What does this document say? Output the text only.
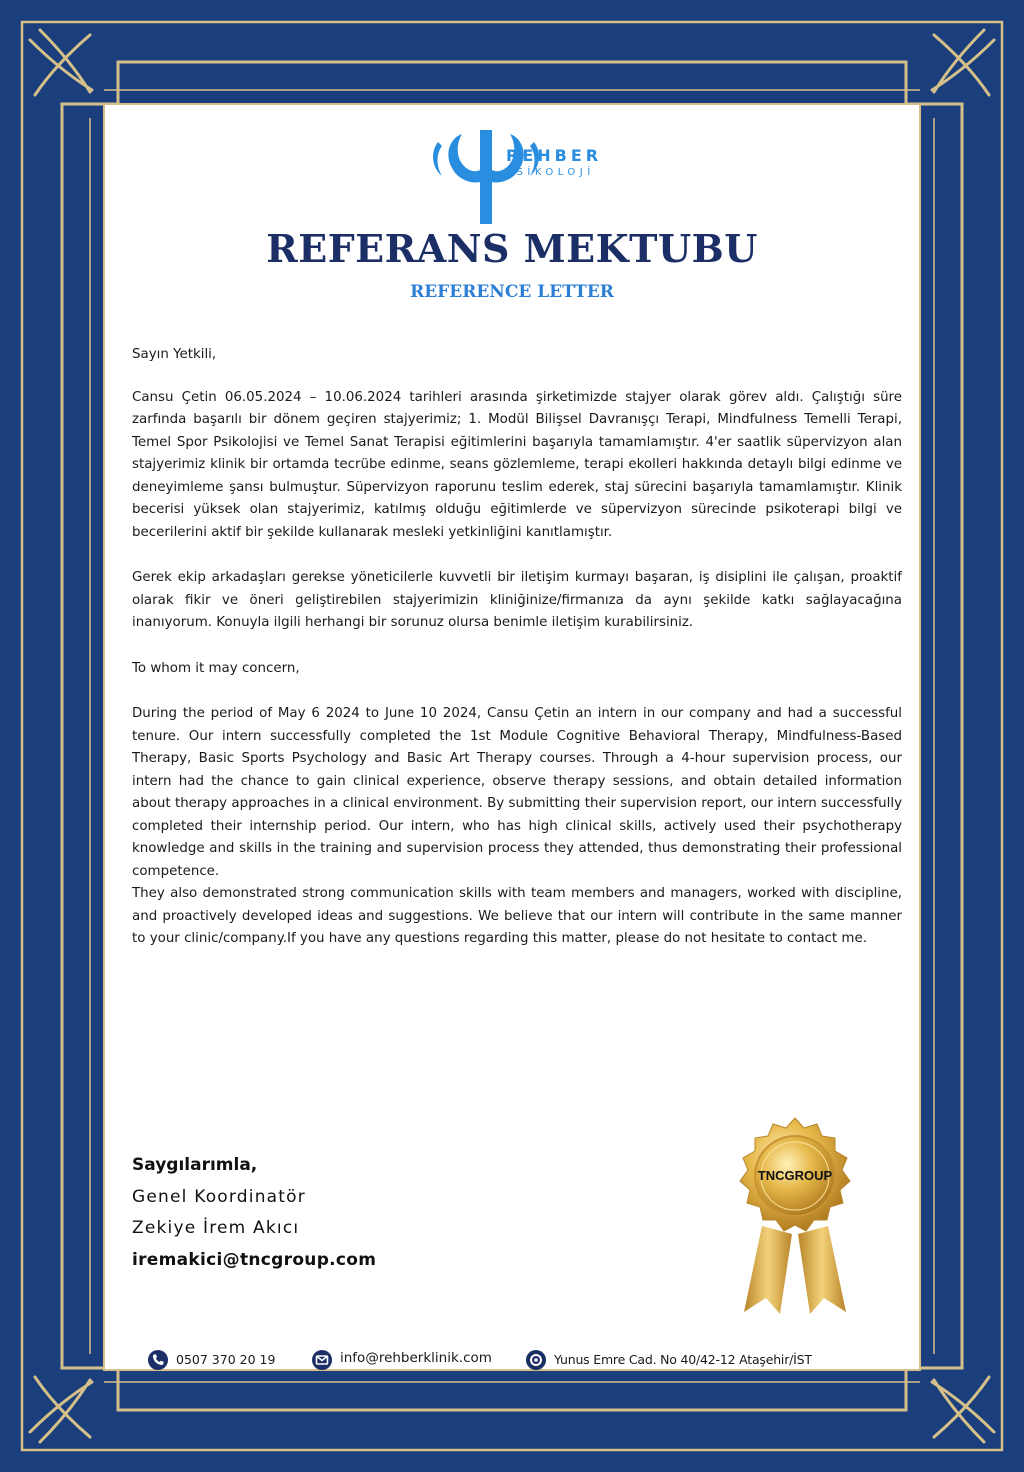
REHBER
PSİKOLOJİ
REFERANS MEKTUBU
REFERENCE LETTER

Sayın Yetkili,

Cansu Çetin 06.05.2024 – 10.06.2024 tarihleri arasında şirketimizde stajyer olarak görev aldı. Çalıştığı süre zarfında başarılı bir dönem geçiren stajyerimiz; 1. Modül Bilişsel Davranışçı Terapi, Mindfulness Temelli Terapi, Temel Spor Psikolojisi ve Temel Sanat Terapisi eğitimlerini başarıyla tamamlamıştır. 4'er saatlik süpervizyon alan stajyerimiz klinik bir ortamda tecrübe edinme, seans gözlemleme, terapi ekolleri hakkında detaylı bilgi edinme ve deneyimleme şansı bulmuştur. Süpervizyon raporunu teslim ederek, staj sürecini başarıyla tamamlamıştır. Klinik becerisi yüksek olan stajyerimiz, katılmış olduğu eğitimlerde ve süpervizyon sürecinde psikoterapi bilgi ve becerilerini aktif bir şekilde kullanarak mesleki yetkinliğini kanıtlamıştır.

Gerek ekip arkadaşları gerekse yöneticilerle kuvvetli bir iletişim kurmayı başaran, iş disiplini ile çalışan, proaktif olarak fikir ve öneri geliştirebilen stajyerimizin kliniğinize/firmanıza da aynı şekilde katkı sağlayacağına inanıyorum. Konuyla ilgili herhangi bir sorunuz olursa benimle iletişim kurabilirsiniz.

To whom it may concern,

During the period of May 6 2024 to June 10 2024, Cansu Çetin an intern in our company and had a successful tenure. Our intern successfully completed the 1st Module Cognitive Behavioral Therapy, Mindfulness-Based Therapy, Basic Sports Psychology and Basic Art Therapy courses. Through a 4-hour supervision process, our intern had the chance to gain clinical experience, observe therapy sessions, and obtain detailed information about therapy approaches in a clinical environment. By submitting their supervision report, our intern successfully completed their internship period. Our intern, who has high clinical skills, actively used their psychotherapy knowledge and skills in the training and supervision process they attended, thus demonstrating their professional competence.

They also demonstrated strong communication skills with team members and managers, worked with discipline, and proactively developed ideas and suggestions. We believe that our intern will contribute in the same manner to your clinic/company.If you have any questions regarding this matter, please do not hesitate to contact me.

Saygılarımla,
Genel Koordinatör
Zekiye İrem Akıcı
iremakici@tncgroup.com
TNCGROUP
0507 370 20 19	info@rehberklinik.com	Yunus Emre Cad. No 40/42-12 Ataşehir/İST
